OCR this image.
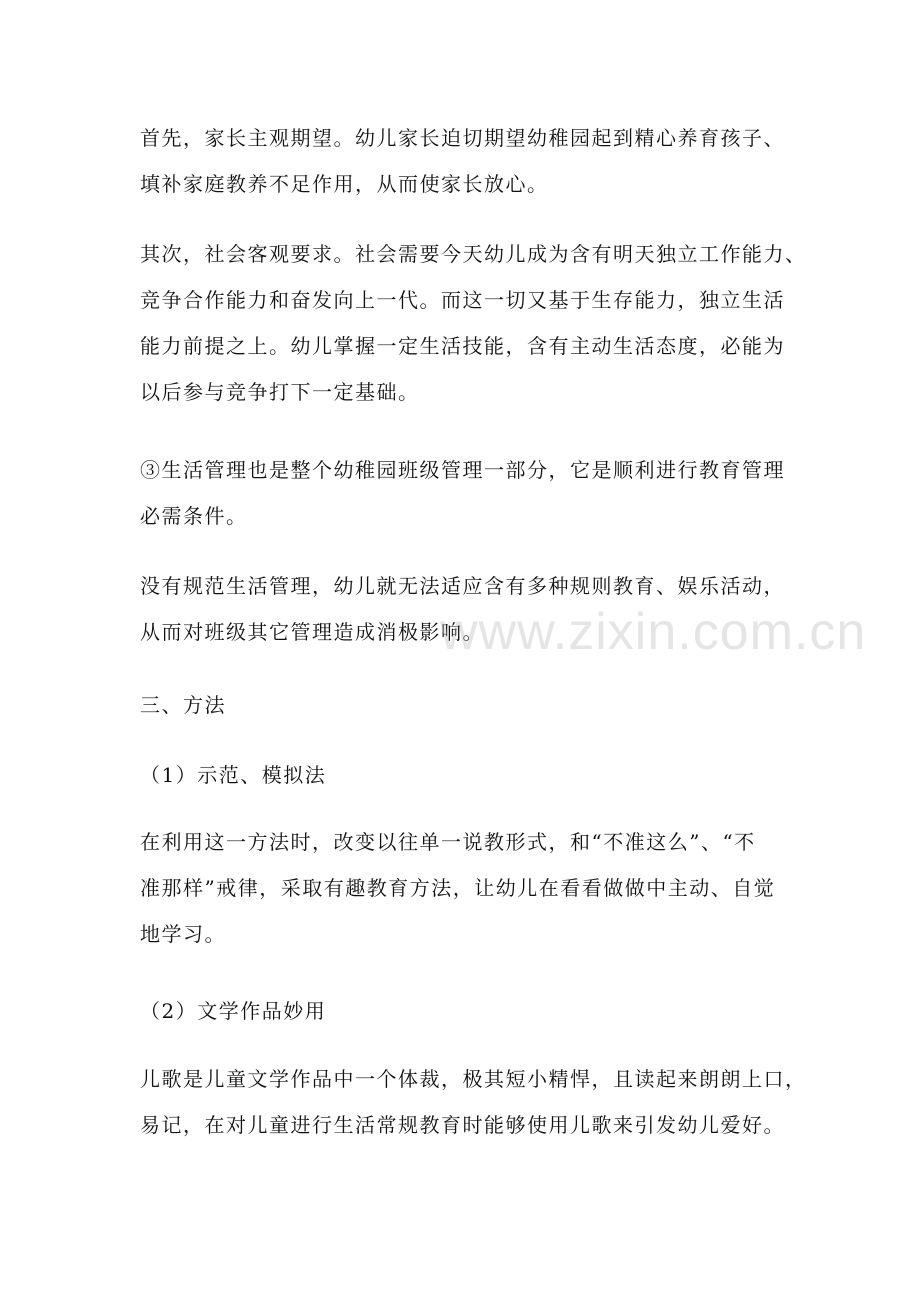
首先，家长主观期望。幼儿家长迫切期望幼稚园起到精心养育孩子、
填补家庭教养不足作用，从而使家长放心。
其次，社会客观要求。社会需要今天幼儿成为含有明天独立工作能力、
竞争合作能力和奋发向上一代。而这一切又基于生存能力，独立生活
能力前提之上。幼儿掌握一定生活技能，含有主动生活态度，必能为
以后参与竞争打下一定基础。
③生活管理也是整个幼稚园班级管理一部分，它是顺利进行教育管理
必需条件。
没有规范生活管理，幼儿就无法适应含有多种规则教育、娱乐活动，
从而对班级其它管理造成消极影响。
三、方法
（1）示范、模拟法
在利用这一方法时，改变以往单一说教形式，和“不准这么”、“不
准那样”戒律，采取有趣教育方法，让幼儿在看看做做中主动、自觉
地学习。
（2）文学作品妙用
儿歌是儿童文学作品中一个体裁，极其短小精悍，且读起来朗朗上口，
易记，在对儿童进行生活常规教育时能够使用儿歌来引发幼儿爱好。
www.zixin.com.cn
